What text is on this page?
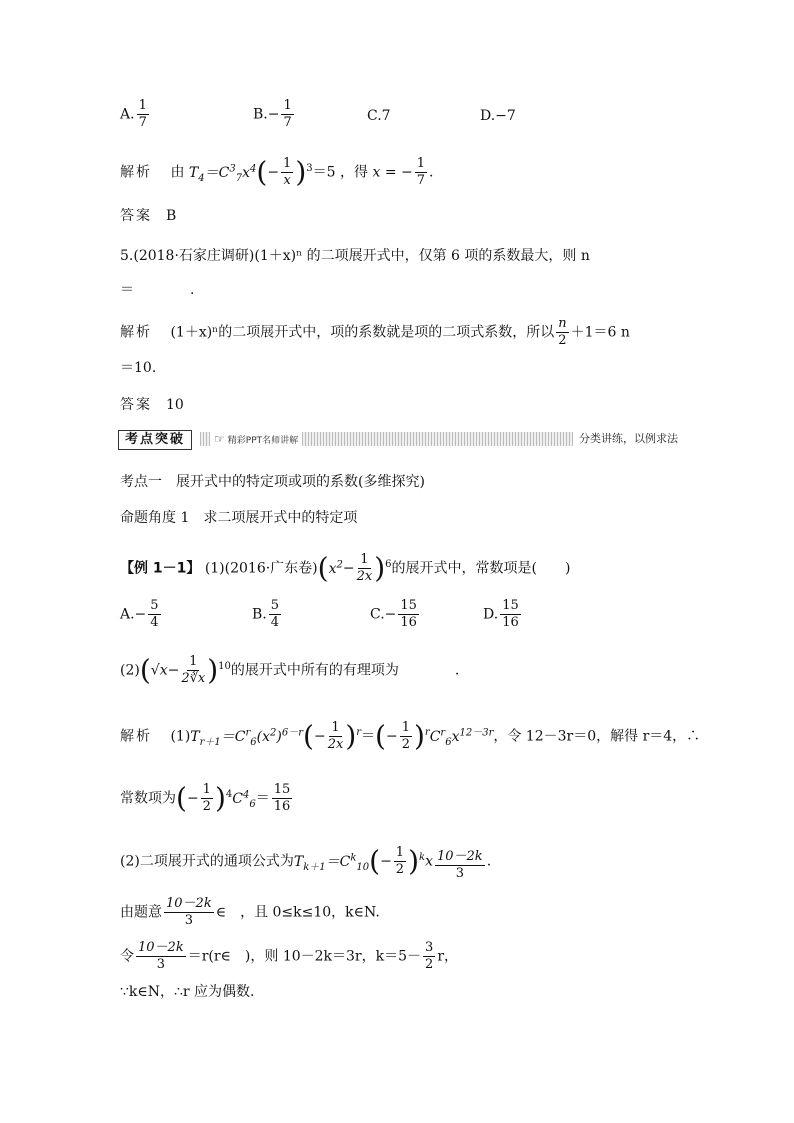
A. $\frac{1}{7}$	$B.- \frac{1}{7}$	C.7	D.−7
解析　 由 $T_4=C^3_7x^4(- \frac{1}{x} )^3=5$ ，得 x = − $\frac{1}{7}$ .
答案　 B
5.(2018·石家庄调研)(1＋x)ⁿ 的二项展开式中，仅第 6 项的系数最大，则 n
＝　　　　.
解析　 (1＋x)ⁿ的二项展开式中，项的系数就是项的二项式系数，所以 $\frac{n}{2} +1=6$ n
＝10.
答案　 10
考点突破	☞ 精彩PPT名师讲解	分类讲练，以例求法
考点一　展开式中的特定项或项的系数(多维探究)
命题角度 1　求二项展开式中的特定项
【例 1－1】 (1)(2016·广东卷)$(x^2- \frac{1}{2x} )^6$的展开式中，常数项是(　　)
$A.- \frac{5}{4}$	B. $\frac{5}{4}$	$C.- \frac{15}{16}$	D. $\frac{15}{16}$
$(2)(√x- \frac{1}{2∛x} )^{10}$的展开式中所有的有理项为　　　　.
解析　 $(1)T_{r+1}=C^r_6(x^2)^{6-r}(- \frac{1}{2x} )^r=(- \frac{1}{2} )^rC^r_6x^{12-3r}$，令 12－3r＝0，解得 r＝4，∴
常数项为(− $\frac{1}{2} )^4C^4_6= \frac{15}{16}$
(2)二项展开式的通项公式为$T_{k+1}=C^k_{10}(- \frac{1}{2} )^kx \frac{10-2k}{3}$ .
由题意 $\frac{10-2k}{3}$ ∈　，且 0≤k≤10，k∈N.
令 $\frac{10-2k}{3}$ ＝r(r∈　)，则 10－2k＝3r，$k=5- \frac{3}{2}$ r，
∵k∈N，∴r 应为偶数.
